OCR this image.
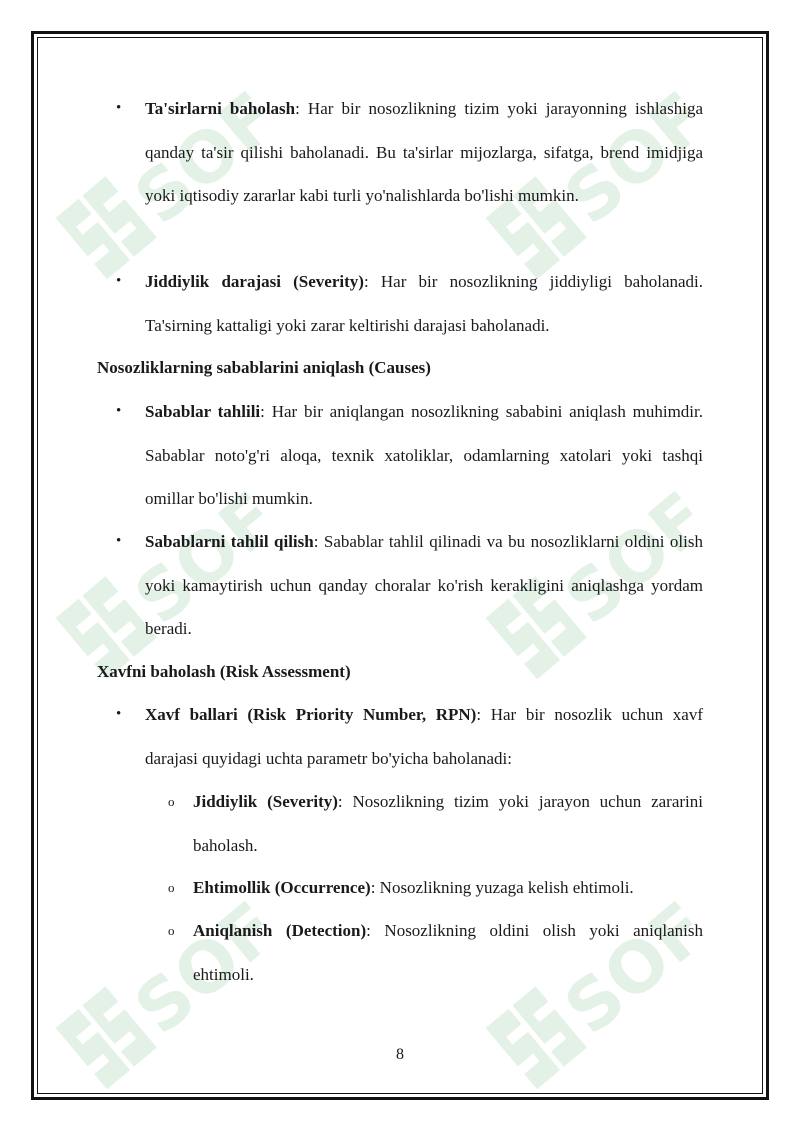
SOFF	SOFF
SOFF	SOFF
SOFF	SOFF
• Ta'sirlarni baholash: Har bir nosozlikning tizim yoki jarayonning ishlashiga qanday ta'sir qilishi baholanadi. Bu ta'sirlar mijozlarga, sifatga, brend imidjiga yoki iqtisodiy zararlar kabi turli yo'nalishlarda bo'lishi mumkin.
• Jiddiylik darajasi (Severity): Har bir nosozlikning jiddiyligi baholanadi. Ta'sirning kattaligi yoki zarar keltirishi darajasi baholanadi.
Nosozliklarning sabablarini aniqlash (Causes)
• Sabablar tahlili: Har bir aniqlangan nosozlikning sababini aniqlash muhimdir. Sabablar noto'g'ri aloqa, texnik xatoliklar, odamlarning xatolari yoki tashqi omillar bo'lishi mumkin.
• Sabablarni tahlil qilish: Sabablar tahlil qilinadi va bu nosozliklarni oldini olish yoki kamaytirish uchun qanday choralar ko'rish kerakligini aniqlashga yordam beradi.
Xavfni baholash (Risk Assessment)
• Xavf ballari (Risk Priority Number, RPN): Har bir nosozlik uchun xavf darajasi quyidagi uchta parametr bo'yicha baholanadi:
o Jiddiylik (Severity): Nosozlikning tizim yoki jarayon uchun zararini baholash.
o Ehtimollik (Occurrence): Nosozlikning yuzaga kelish ehtimoli.
o Aniqlanish (Detection): Nosozlikning oldini olish yoki aniqlanish ehtimoli.
8
